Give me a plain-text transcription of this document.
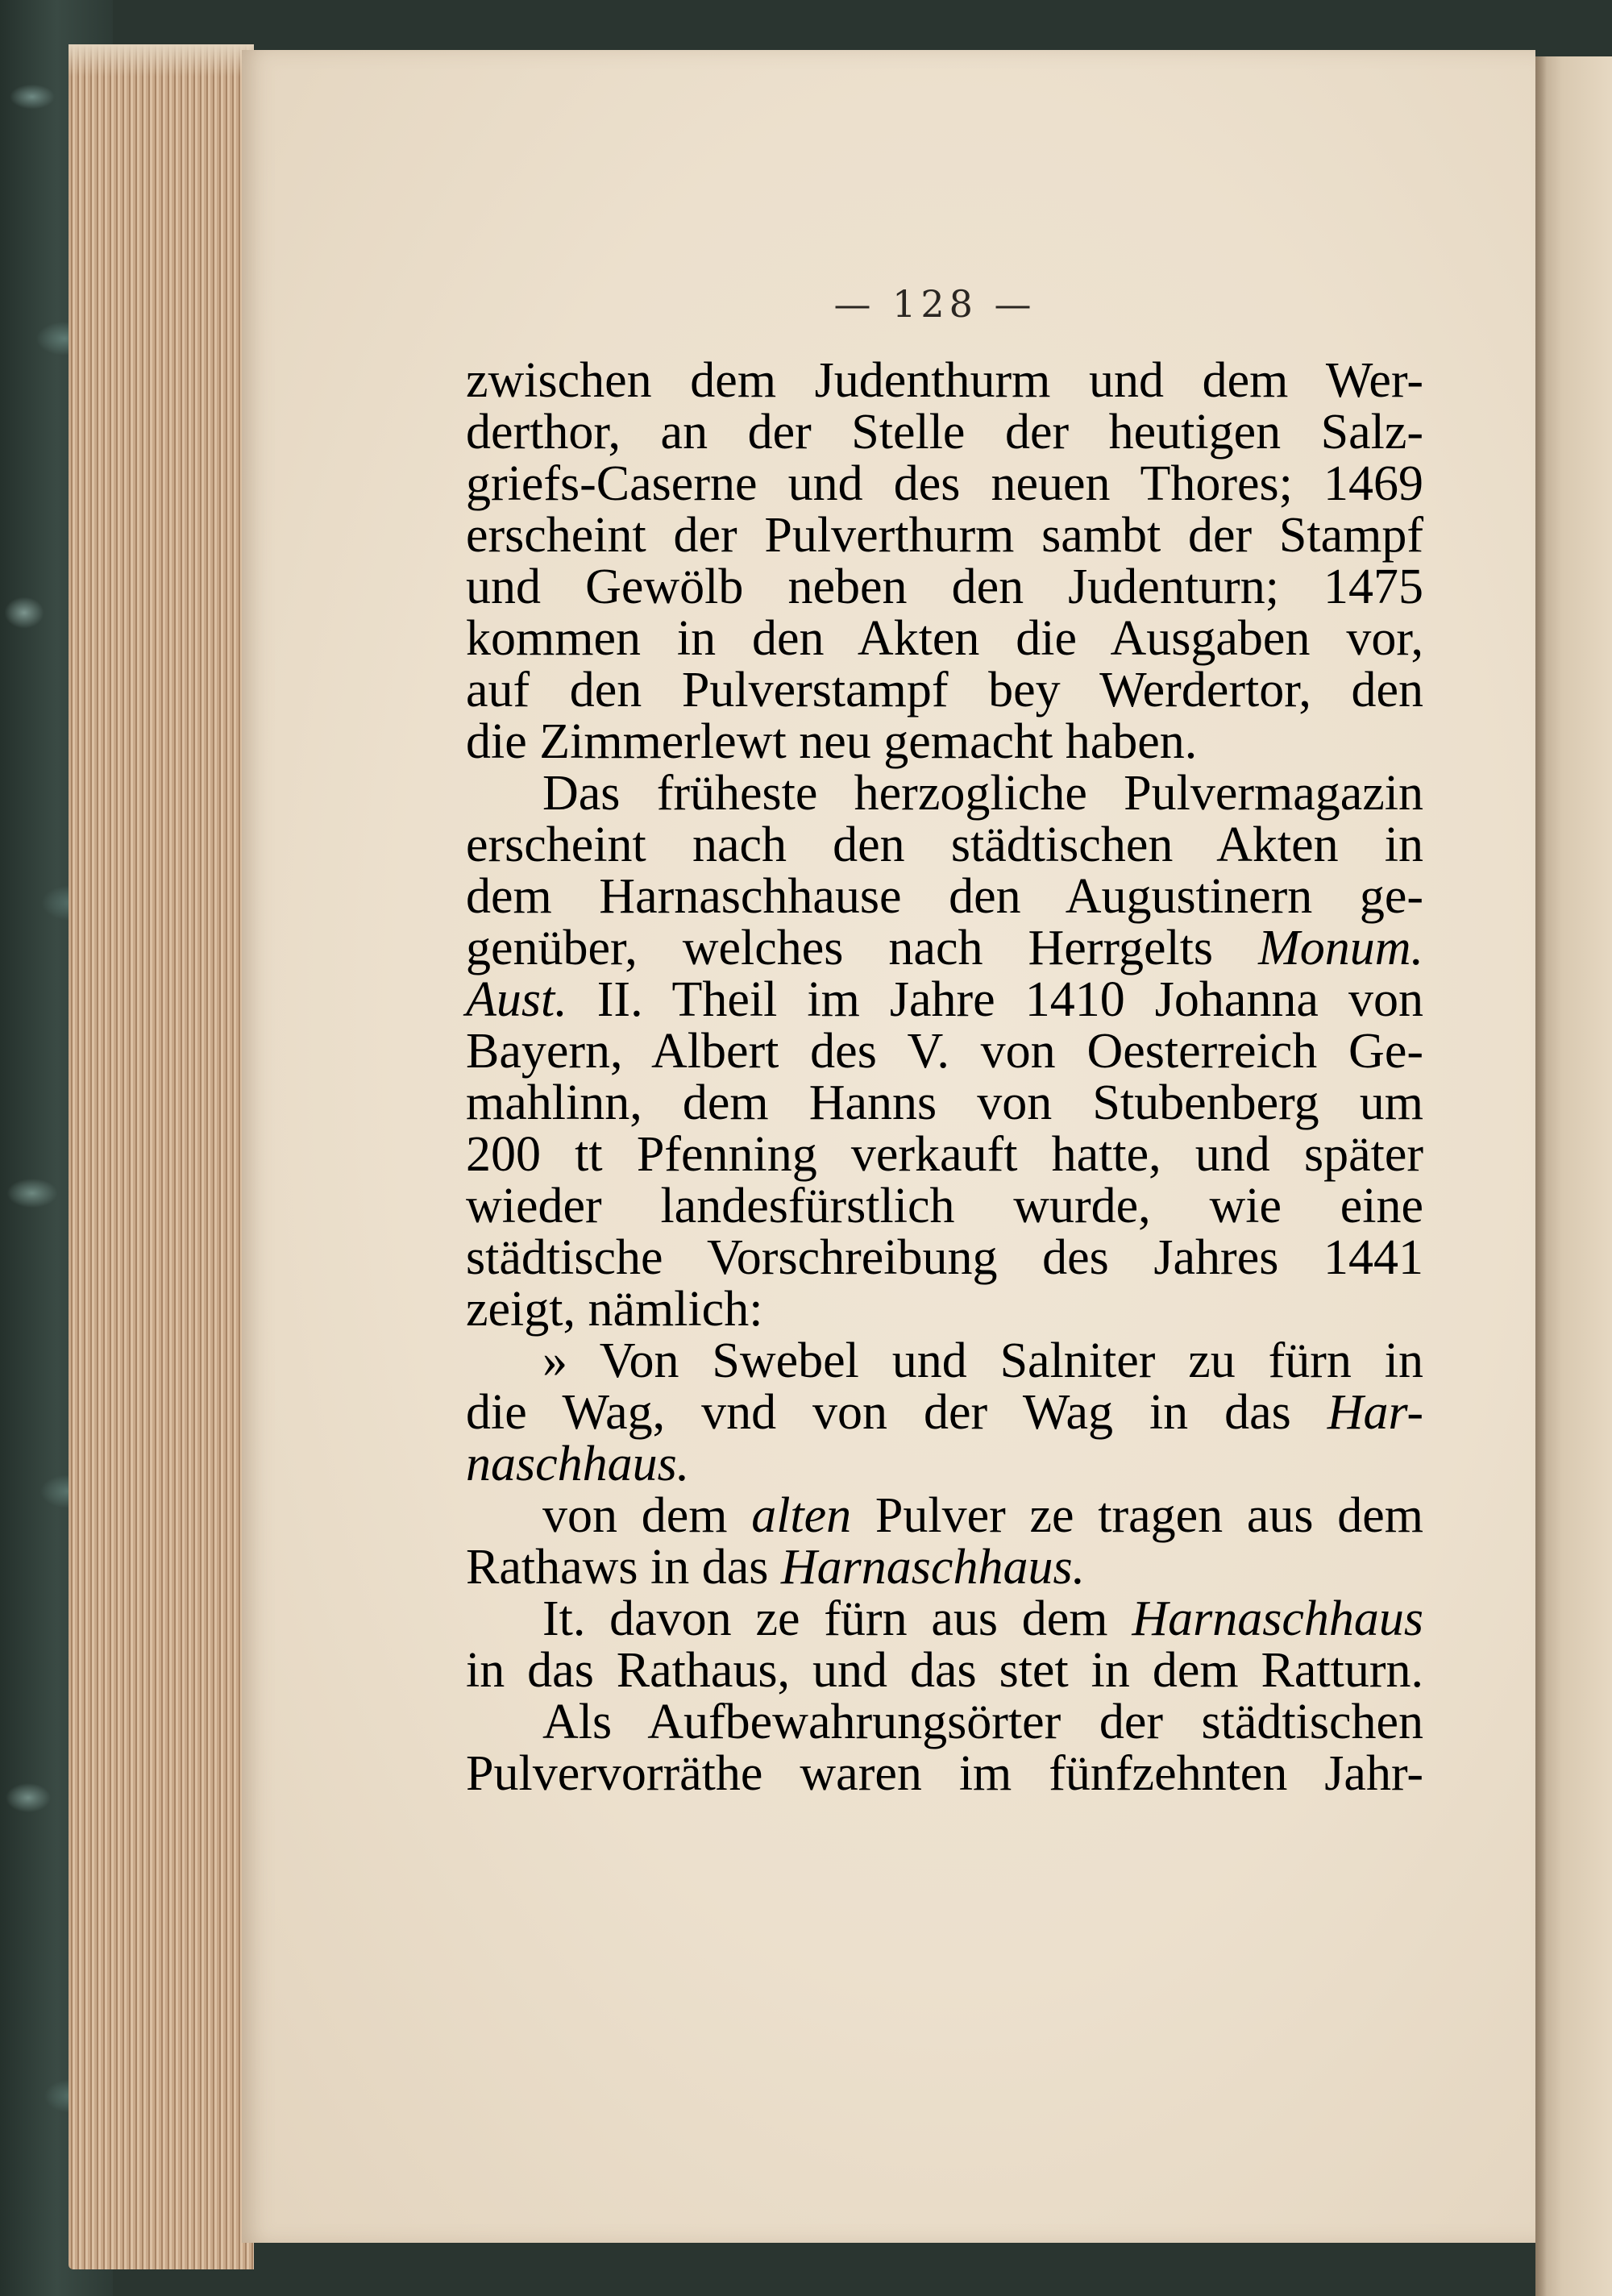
— 128 —
zwischen dem Judenthurm und dem Wer-
derthor, an der Stelle der heutigen Salz-
griefs-Caserne und des neuen Thores; 1469
erscheint der Pulverthurm sambt der Stampf
und Gewölb neben den Judenturn; 1475
kommen in den Akten die Ausgaben vor,
auf den Pulverstampf bey Werdertor, den
die Zimmerlewt neu gemacht haben.
Das früheste herzogliche Pulvermagazin
erscheint nach den städtischen Akten in
dem Harnaschhause den Augustinern ge-
genüber, welches nach Herrgelts Monum.
Aust. II. Theil im Jahre 1410 Johanna von
Bayern, Albert des V. von Oesterreich Ge-
mahlinn, dem Hanns von Stubenberg um
200 tt Pfenning verkauft hatte, und später
wieder landesfürstlich wurde, wie eine
städtische Vorschreibung des Jahres 1441
zeigt, nämlich:
» Von Swebel und Salniter zu fürn in
die Wag, vnd von der Wag in das Har-
naschhaus.
von dem alten Pulver ze tragen aus dem
Rathaws in das Harnaschhaus.
It. davon ze fürn aus dem Harnaschhaus
in das Rathaus, und das stet in dem Ratturn.
Als Aufbewahrungsörter der städtischen
Pulvervorräthe waren im fünfzehnten Jahr-
